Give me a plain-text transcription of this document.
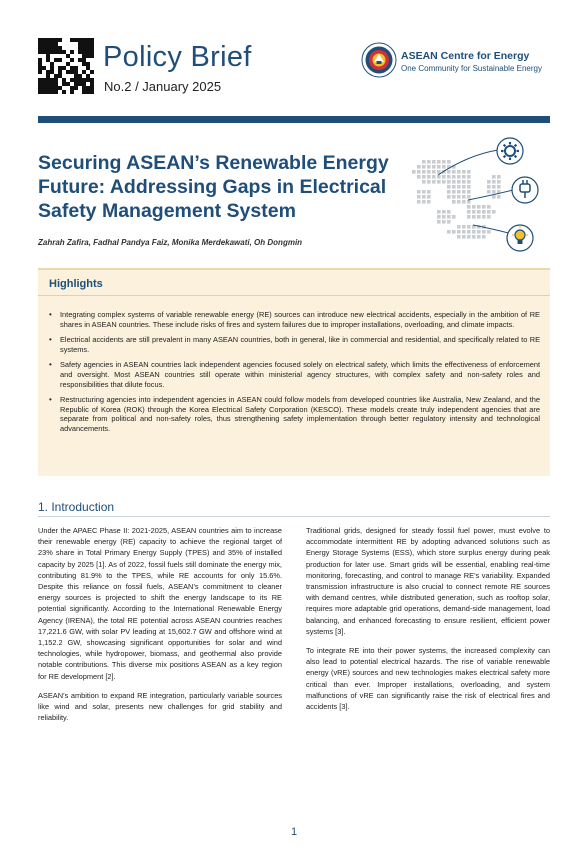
Policy Brief
No.2 / January 2025
ASEAN Centre for Energy
One Community for Sustainable Energy
Securing ASEAN’s Renewable Energy Future: Addressing Gaps in Electrical Safety Management System
Zahrah Zafira, Fadhal Pandya Faiz, Monika Merdekawati, Oh Dongmin
Highlights
• Integrating complex systems of variable renewable energy (RE) sources can introduce new electrical accidents, especially in the ambition of RE shares in ASEAN countries. These include risks of fires and system failures due to improper installations, overloading, and climate impacts.
• Electrical accidents are still prevalent in many ASEAN countries, both in general, like in commercial and residential, and specifically related to RE systems.
• Safety agencies in ASEAN countries lack independent agencies focused solely on electrical safety, which limits the effectiveness of enforcement and oversight. Most ASEAN countries still operate within ministerial agency structures, with complex safety and non-safety roles and responsibilities that dilute focus.
• Restructuring agencies into independent agencies in ASEAN could follow models from developed countries like Australia, New Zealand, and the Republic of Korea (ROK) through the Korea Electrical Safety Corporation (KESCO). These models create truly independent agencies that are separate from political and non-safety roles, thus strengthening safety implementation through better regulatory intensity and technological advancements.
1. Introduction

Under the APAEC Phase II: 2021-2025, ASEAN countries aim to increase their renewable energy (RE) capacity to achieve the regional target of 23% share in Total Primary Energy Supply (TPES) and 35% of installed capacity by 2025 [1]. As of 2022, fossil fuels still dominate the energy mix, contributing 81.9% to the TPES, while RE accounts for only 15.6%. Despite this reliance on fossil fuels, ASEAN’s commitment to cleaner energy sources is projected to shift the energy landscape to its RE potential significantly. According to the International Renewable Energy Agency (IRENA), the total RE potential across ASEAN countries reaches 17,221.6 GW, with solar PV leading at 15,602.7 GW and offshore wind at 1,152.2 GW, showcasing significant opportunities for solar and wind technologies, while hydropower, biomass, and geothermal also provide notable contributions. This diverse mix positions ASEAN as a key region for RE development [2].

ASEAN’s ambition to expand RE integration, particularly variable sources like wind and solar, presents new challenges for grid stability and reliability.

Traditional grids, designed for steady fossil fuel power, must evolve to accommodate intermittent RE by adopting advanced solutions such as Energy Storage Systems (ESS), which store surplus energy during peak production for later use. Smart grids will be essential, enabling real-time monitoring, forecasting, and control to manage RE’s variability. Expanded transmission infrastructure is also crucial to connect remote RE sources with demand centres, while distributed generation, such as rooftop solar, requires more adaptable grid operations, demand-side management, load balancing, and enhanced forecasting to ensure resilient, efficient power systems [3].

To integrate RE into their power systems, the increased complexity can also lead to potential electrical hazards. The rise of variable renewable energy (vRE) sources and new technologies makes electrical safety more critical than ever. Improper installations, overloading, and system malfunctions of vRE can significantly raise the risk of electrical fires and accidents [3].

1
